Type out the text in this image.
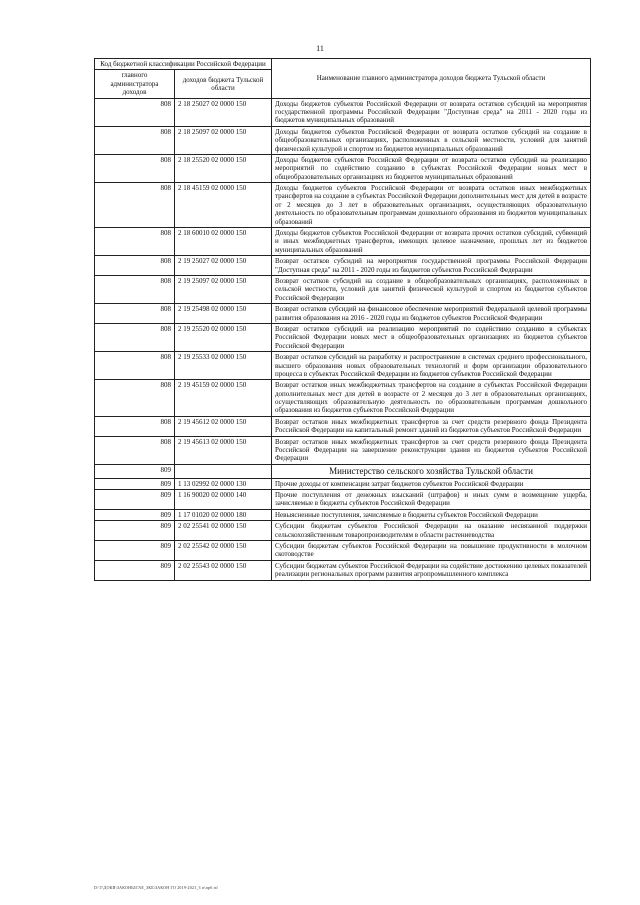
11
Код бюджетной классификации Российской Федерации		Наименование главного администратора доходов бюджета Тульской области
главного администратора доходов	доходов бюджета Тульской области	
808	2 18 25027 02 0000 150	Доходы бюджетов субъектов Российской Федерации от возврата остатков субсидий на мероприятия государственной программы Российской Федерации "Доступная среда" на 2011 - 2020 годы из бюджетов муниципальных образований
808	2 18 25097 02 0000 150	Доходы бюджетов субъектов Российской Федерации от возврата остатков субсидий на создание в общеобразовательных организациях, расположенных в сельской местности, условий для занятий физической культурой и спортом из бюджетов муниципальных образований
808	2 18 25520 02 0000 150	Доходы бюджетов субъектов Российской Федерации от возврата остатков субсидий на реализацию мероприятий по содействию созданию в субъектах Российской Федерации новых мест в общеобразовательных организациях из бюджетов муниципальных образований
808	2 18 45159 02 0000 150	Доходы бюджетов субъектов Российской Федерации от возврата остатков иных межбюджетных трансфертов на создание в субъектах Российской Федерации дополнительных мест для детей в возрасте от 2 месяцев до 3 лет в образовательных организациях, осуществляющих образовательную деятельность по образовательным программам дошкольного образования из бюджетов муниципальных образований
808	2 18 60010 02 0000 150	Доходы бюджетов субъектов Российской Федерации от возврата прочих остатков субсидий, субвенций и иных межбюджетных трансфертов, имеющих целевое назначение, прошлых лет из бюджетов муниципальных образований
808	2 19 25027 02 0000 150	Возврат остатков субсидий на мероприятия государственной программы Российской Федерации "Доступная среда" на 2011 - 2020 годы из бюджетов субъектов Российской Федерации
808	2 19 25097 02 0000 150	Возврат остатков субсидий на создание в общеобразовательных организациях, расположенных в сельской местности, условий для занятий физической культурой и спортом из бюджетов субъектов Российской Федерации
808	2 19 25498 02 0000 150	Возврат остатков субсидий на финансовое обеспечение мероприятий Федеральной целевой программы развития образования на 2016 - 2020 годы из бюджетов субъектов Российской Федерации
808	2 19 25520 02 0000 150	Возврат остатков субсидий на реализацию мероприятий по содействию созданию в субъектах Российской Федерации новых мест в общеобразовательных организациях из бюджетов субъектов Российской Федерации
808	2 19 25533 02 0000 150	Возврат остатков субсидий на разработку и распространение в системах среднего профессионального, высшего образования новых образовательных технологий и форм организации образовательного процесса в субъектах Российской Федерации из бюджетов субъектов Российской Федерации
808	2 19 45159 02 0000 150	Возврат остатков иных межбюджетных трансфертов на создание в субъектах Российской Федерации дополнительных мест для детей в возрасте от 2 месяцев до 3 лет в образовательных организациях, осуществляющих образовательную деятельность по образовательным программам дошкольного образования из бюджетов субъектов Российской Федерации
808	2 19 45612 02 0000 150	Возврат остатков иных межбюджетных трансфертов за счет средств резервного фонда Президента Российской Федерации на капитальный ремонт зданий из бюджетов субъектов Российской Федерации
808	2 19 45613 02 0000 150	Возврат остатков иных межбюджетных трансфертов за счет средств резервного фонда Президента Российской Федерации на завершение реконструкции здания из бюджетов субъектов Российской Федерации
809		Министерство сельского хозяйства Тульской области
809	1 13 02992 02 0000 130	Прочие доходы от компенсации затрат бюджетов субъектов Российской Федерации
809	1 16 90020 02 0000 140	Прочие поступления от денежных взысканий (штрафов) и иных сумм в возмещение ущерба, зачисляемые в бюджеты субъектов Российской Федерации
809	1 17 01020 02 0000 180	Невыясненные поступления, зачисляемые в бюджеты субъектов Российской Федерации
809	2 02 25541 02 0000 150	Субсидии бюджетам субъектов Российской Федерации на оказание несвязанной поддержки сельскохозяйственным товаропроизводителям в области растениеводства
809	2 02 25542 02 0000 150	Субсидии бюджетам субъектов Российской Федерации на повышение продуктивности в молочном скотоводстве
809	2 02 25543 02 0000 150	Субсидии бюджетам субъектов Российской Федерации на содействие достижению целевых показателей реализации региональных программ развития агропромышленного комплекса
D:\Т\ДОКИ\ЗАКОНЫ\ГАЕ_ЗКБ\ЗАКОН ГО 2019-2021_3 п\прб.rtf
